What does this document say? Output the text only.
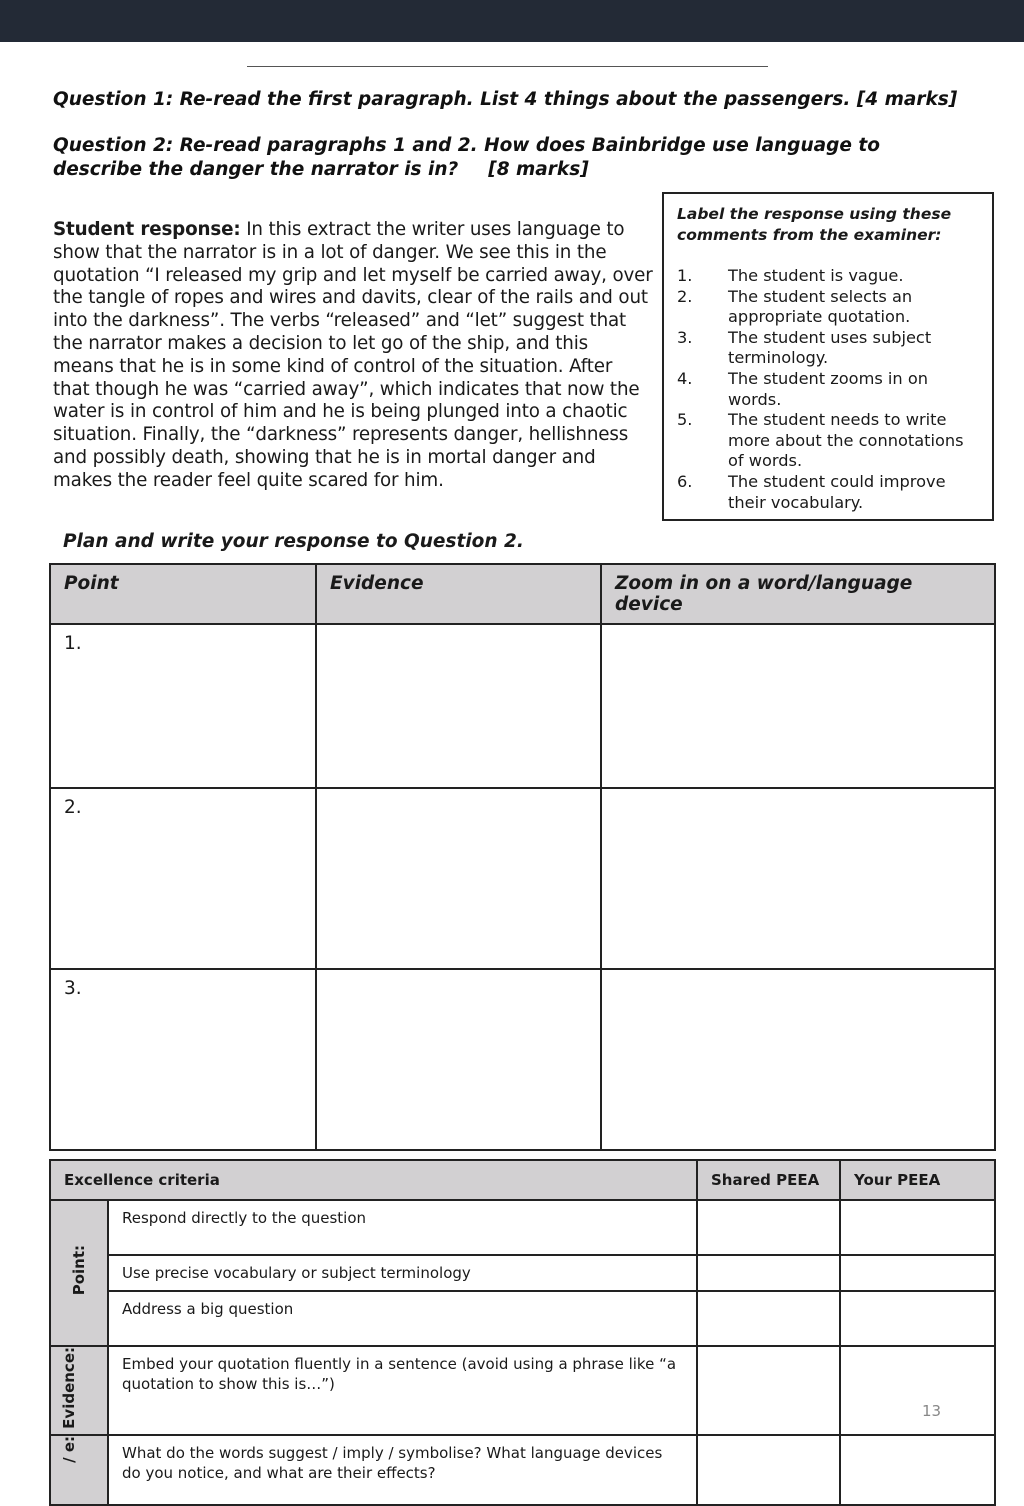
Question 1: Re-read the first paragraph. List 4 things about the passengers. [4 marks]
Question 2: Re-read paragraphs 1 and 2. How does Bainbridge use language to describe the danger the narrator is in? [8 marks]
Student response: In this extract the writer uses language to show that the narrator is in a lot of danger. We see this in the quotation “I released my grip and let myself be carried away, over the tangle of ropes and wires and davits, clear of the rails and out into the darkness”. The verbs “released” and “let” suggest that the narrator makes a decision to let go of the ship, and this means that he is in some kind of control of the situation. After that though he was “carried away”, which indicates that now the water is in control of him and he is being plunged into a chaotic situation. Finally, the “darkness” represents danger, hellishness and possibly death, showing that he is in mortal danger and makes the reader feel quite scared for him.
Label the response using these comments from the examiner:
1.	The student is vague.
2.	The student selects an appropriate quotation.
3.	The student uses subject terminology.
4.	The student zooms in on words.
5.	The student needs to write more about the connotations of words.
6.	The student could improve their vocabulary.
Plan and write your response to Question 2.
Point	Evidence	Zoom in on a word/language device
1.		
2.		
3.		
Excellence criteria		Shared PEEA	Your PEEA
Point:	Respond directly to the question		
	Use precise vocabulary or subject terminology		
	Address a big question		
Evidence:	Embed your quotation fluently in a sentence (avoid using a phrase like “a quotation to show this is…”)		
/ e:	What do the words suggest / imply / symbolise? What language devices do you notice, and what are their effects?		
13
